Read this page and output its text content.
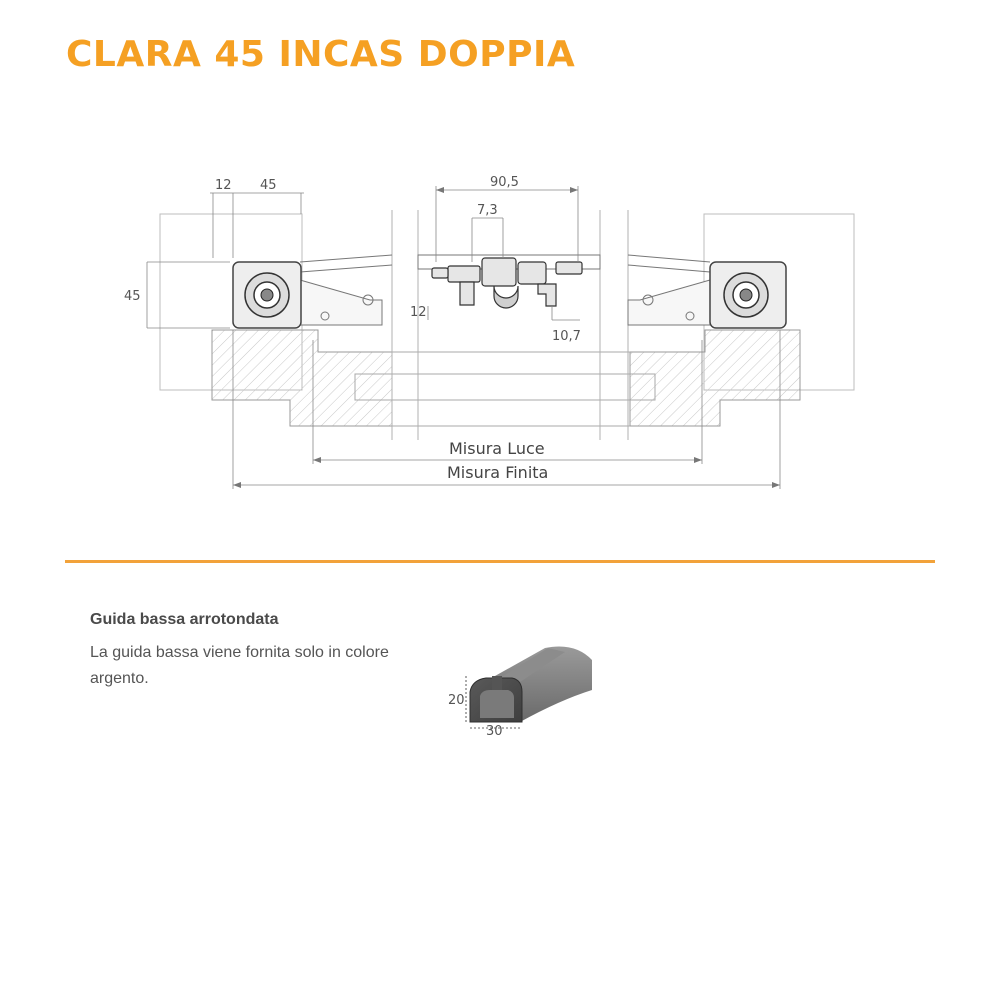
CLARA 45 INCAS DOPPIA
12 45
45
90,5
7,3
12
10,7
Misura Luce
Misura Finita
Guida bassa arrotondata
La guida bassa viene fornita solo in colore argento.
20
30
